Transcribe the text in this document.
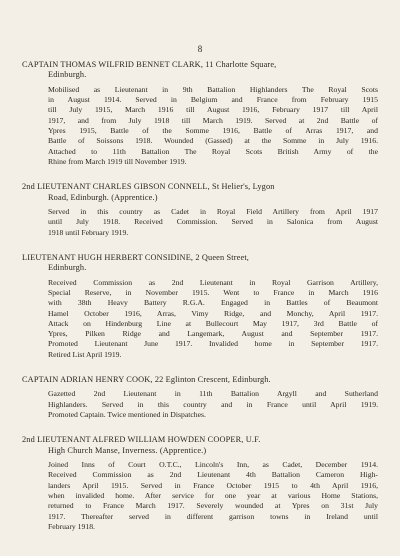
8
CAPTAIN THOMAS WILFRID BENNET CLARK, 11 Charlotte Square,
Edinburgh.
Mobilised as Lieutenant in 9th Battalion Highlanders The Royal Scots
in August 1914. Served in Belgium and France from February 1915
till July 1915, March 1916 till August 1916, February 1917 till April
1917, and from July 1918 till March 1919. Served at 2nd Battle of
Ypres 1915, Battle of the Somme 1916, Battle of Arras 1917, and
Battle of Soissons 1918. Wounded (Gassed) at the Somme in July 1916.
Attached to 11th Battalion The Royal Scots British Army of the
Rhine from March 1919 till November 1919.
2nd LIEUTENANT CHARLES GIBSON CONNELL, St Helier's, Lygon
Road, Edinburgh. (Apprentice.)
Served in this country as Cadet in Royal Field Artillery from April 1917
until July 1918. Received Commission. Served in Salonica from August
1918 until February 1919.
LIEUTENANT HUGH HERBERT CONSIDINE, 2 Queen Street,
Edinburgh.
Received Commission as 2nd Lieutenant in Royal Garrison Artillery,
Special Reserve, in November 1915. Went to France in March 1916
with 38th Heavy Battery R.G.A. Engaged in Battles of Beaumont
Hamel October 1916, Arras, Vimy Ridge, and Monchy, April 1917.
Attack on Hindenburg Line at Bullecourt May 1917, 3rd Battle of
Ypres, Pilken Ridge and Langemark, August and September 1917.
Promoted Lieutenant June 1917. Invalided home in September 1917.
Retired List April 1919.
CAPTAIN ADRIAN HENRY COOK, 22 Eglinton Crescent, Edinburgh.
Gazetted 2nd Lieutenant in 11th Battalion Argyll and Sutherland
Highlanders. Served in this country and in France until April 1919.
Promoted Captain. Twice mentioned in Dispatches.
2nd LIEUTENANT ALFRED WILLIAM HOWDEN COOPER, U.F.
High Church Manse, Inverness. (Apprentice.)
Joined Inns of Court O.T.C., Lincoln's Inn, as Cadet, December 1914.
Received Commission as 2nd Lieutenant 4th Battalion Cameron High-
landers April 1915. Served in France October 1915 to 4th April 1916,
when invalided home. After service for one year at various Home Stations,
returned to France March 1917. Severely wounded at Ypres on 31st July
1917. Thereafter served in different garrison towns in Ireland until
February 1918.
